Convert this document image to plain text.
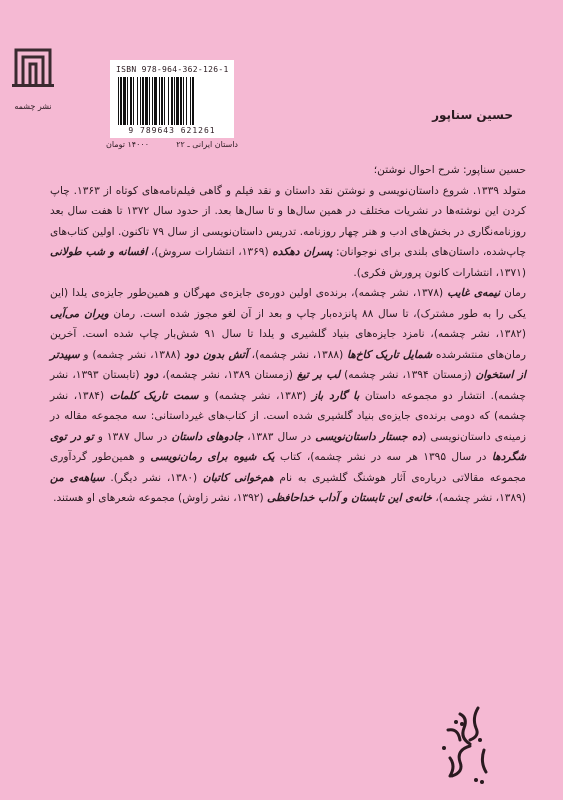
نشر چشمه
ISBN 978-964-362-126-1
9 789643 621261
حسین سناپور
داستان ایرانی ـ ۲۲
۱۴۰۰۰ تومان

حسین سناپور: شرح احوال نوشتن؛

متولد ۱۳۳۹. شروع داستان‌نویسی و نوشتن نقد داستان و نقد فیلم و گاهی فیلم‌نامه‌های کوتاه از ۱۳۶۳. چاپ کردن این نوشته‌ها در نشریات مختلف در همین سال‌ها و تا سال‌ها بعد. از حدود سال ۱۳۷۲ تا هفت سال بعد روزنامه‌نگاری در بخش‌های ادب و هنر چهار روزنامه. تدریس داستان‌نویسی از سال ۷۹ تاکنون. اولین کتاب‌های چاپ‌شده، داستان‌های بلندی برای نوجوانان: پسران دهکده (۱۳۶۹، انتشارات سروش)، افسانه و شب طولانی (۱۳۷۱، انتشارات کانون پرورش فکری).

رمان نیمه‌ی غایب (۱۳۷۸، نشر چشمه)، برنده‌ی اولین دوره‌ی جایزه‌ی مهرگان و همین‌طور جایزه‌ی یلدا (این یکی را به طور مشترک)، تا سال ۸۸ پانزده‌بار چاپ و بعد از آن لغو مجوز شده است. رمان ویران می‌آیی (۱۳۸۲، نشر چشمه)، نامزد جایزه‌های بنیاد گلشیری و یلدا تا سال ۹۱ شش‌بار چاپ شده است. آخرین رمان‌های منتشرشده شمایل تاریک کاخ‌ها (۱۳۸۸، نشر چشمه)، آتش بدون دود (۱۳۸۸، نشر چشمه) و سپیدتر از استخوان (زمستان ۱۳۹۴، نشر چشمه) لب بر تیغ (زمستان ۱۳۸۹، نشر چشمه)، دود (تابستان ۱۳۹۳، نشر چشمه). انتشار دو مجموعه داستان با گارد باز (۱۳۸۳، نشر چشمه) و سمت تاریک کلمات (۱۳۸۴، نشر چشمه) که دومی برنده‌ی جایزه‌ی بنیاد گلشیری شده است. از کتاب‌های غیرداستانی: سه مجموعه مقاله در زمینه‌ی داستان‌نویسی (ده جستار داستان‌نویسی در سال ۱۳۸۳، جادوهای داستان در سال ۱۳۸۷ و تو در توی شگردها در سال ۱۳۹۵ هر سه در نشر چشمه)، کتاب یک شیوه برای رمان‌نویسی و همین‌طور گردآوری مجموعه مقالاتی درباره‌ی آثار هوشنگ گلشیری به نام هم‌خوانی کاتبان (۱۳۸۰، نشر دیگر). سیاهه‌ی من (۱۳۸۹، نشر چشمه)، خانه‌ی این تابستان و آداب خداحافظی (۱۳۹۲، نشر زاوش) مجموعه شعرهای او هستند.
